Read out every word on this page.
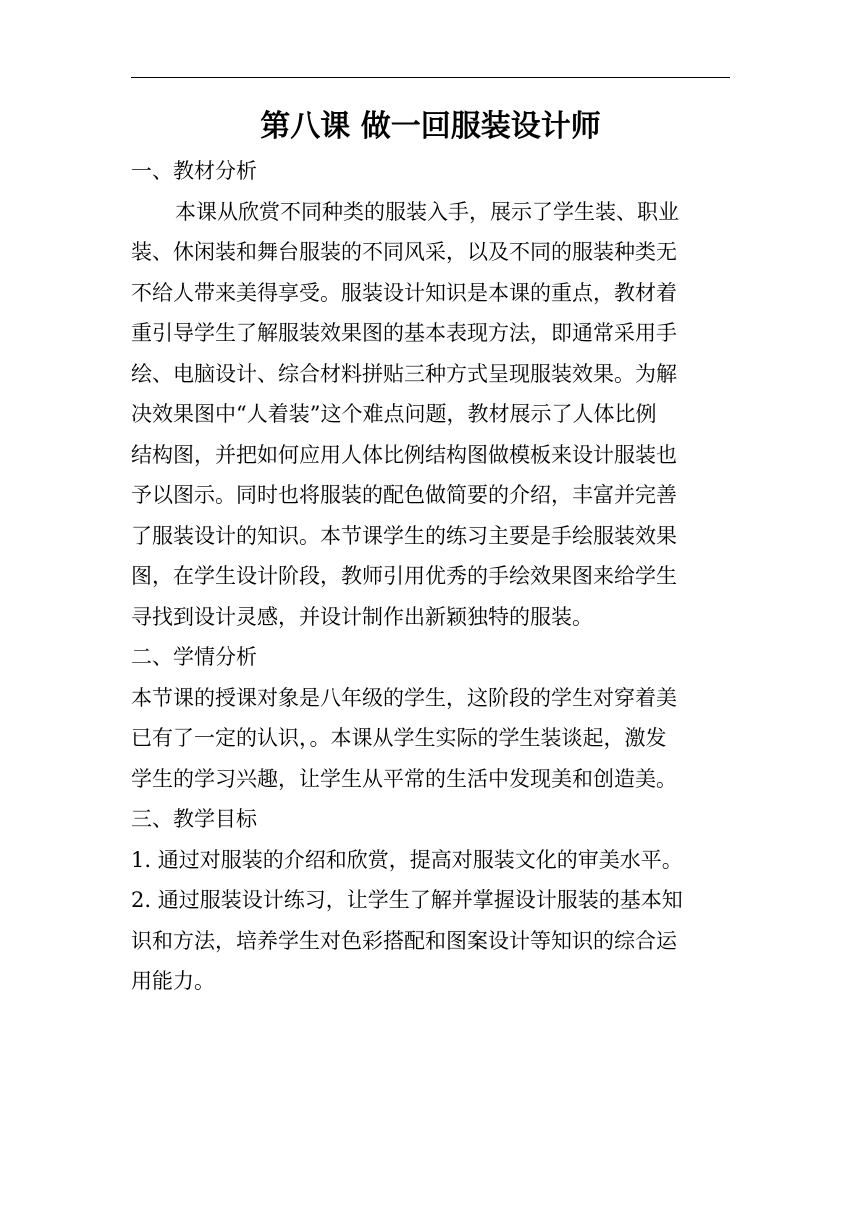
第八课 做一回服装设计师
一、教材分析
本课从欣赏不同种类的服装入手，展示了学生装、职业
装、休闲装和舞台服装的不同风采，以及不同的服装种类无
不给人带来美得享受。服装设计知识是本课的重点，教材着
重引导学生了解服装效果图的基本表现方法，即通常采用手
绘、电脑设计、综合材料拼贴三种方式呈现服装效果。为解
决效果图中“人着装”这个难点问题，教材展示了人体比例
结构图，并把如何应用人体比例结构图做模板来设计服装也
予以图示。同时也将服装的配色做简要的介绍，丰富并完善
了服装设计的知识。本节课学生的练习主要是手绘服装效果
图，在学生设计阶段，教师引用优秀的手绘效果图来给学生
寻找到设计灵感，并设计制作出新颖独特的服装。
二、学情分析
本节课的授课对象是八年级的学生，这阶段的学生对穿着美
已有了一定的认识，。本课从学生实际的学生装谈起，激发
学生的学习兴趣，让学生从平常的生活中发现美和创造美。
三、教学目标
1. 通过对服装的介绍和欣赏，提高对服装文化的审美水平。
2. 通过服装设计练习，让学生了解并掌握设计服装的基本知
识和方法，培养学生对色彩搭配和图案设计等知识的综合运
用能力。
